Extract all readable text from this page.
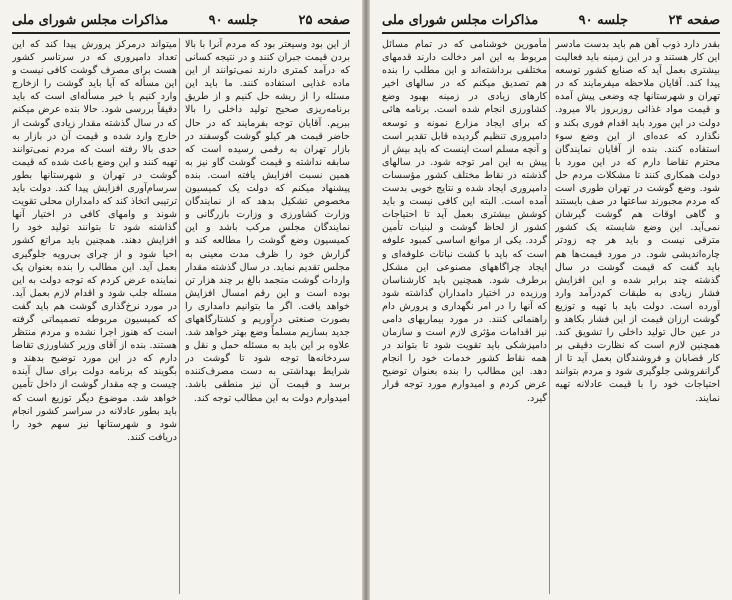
صفحه ۲۵
جلسه ۹۰
مذاکرات مجلس شورای ملی

میتواند درمرکز پرورش پیدا کند که این تعداد دامپروری که در سرتاسر کشور هست برای مصرف گوشت کافی نیست و این مسأله که آیا باید گوشت را ازخارج وارد کنیم یا خیر مسأله‌ای است که باید دقیقاً بررسی شود. حالا بنده عرض میکنم که در سال گذشته مقدار زیادی گوشت از خارج وارد شده و قیمت آن در بازار به حدی بالا رفته است که مردم نمی‌توانند تهیه کنند و این وضع باعث شده که قیمت گوشت در تهران و شهرستانها بطور سرسام‌آوری افزایش پیدا کند. دولت باید ترتیبی اتخاذ کند که دامداران محلی تقویت شوند و وامهای کافی در اختیار آنها گذاشته شود تا بتوانند تولید خود را افزایش دهند. همچنین باید مراتع کشور احیا شود و از چرای بی‌رویه جلوگیری بعمل آید. این مطالب را بنده بعنوان یک نماینده عرض کردم که توجه دولت به این مسئله جلب شود و اقدام لازم بعمل آید. در مورد نرخ‌گذاری گوشت هم باید گفت که کمیسیون مربوطه تصمیماتی گرفته است که هنوز اجرا نشده و مردم منتظر هستند. بنده از آقای وزیر کشاورزی تقاضا دارم که در این مورد توضیح بدهند و بگویند که برنامه دولت برای سال آینده چیست و چه مقدار گوشت از داخل تأمین خواهد شد. موضوع دیگر توزیع است که باید بطور عادلانه در سراسر کشور انجام شود و شهرستانها نیز سهم خود را دریافت کنند.

از این بود وسیعتر بود که مردم آنرا با بالا بردن قیمت جبران کنند و در نتیجه کسانی که درآمد کمتری دارند نمی‌توانند از این ماده غذایی استفاده کنند. ما باید این مسئله را از ریشه حل کنیم و از طریق برنامه‌ریزی صحیح تولید داخلی را بالا ببریم. آقایان توجه بفرمایند که در حال حاضر قیمت هر کیلو گوشت گوسفند در بازار تهران به رقمی رسیده است که سابقه نداشته و قیمت گوشت گاو نیز به همین نسبت افزایش یافته است. بنده پیشنهاد میکنم که دولت یک کمیسیون مخصوص تشکیل بدهد که از نمایندگان وزارت کشاورزی و وزارت بازرگانی و نمایندگان مجلس مرکب باشد و این کمیسیون وضع گوشت را مطالعه کند و گزارش خود را ظرف مدت معینی به مجلس تقدیم نماید. در سال گذشته مقدار واردات گوشت منجمد بالغ بر چند هزار تن بوده است و این رقم امسال افزایش خواهد یافت. اگر ما بتوانیم دامداری را بصورت صنعتی درآوریم و کشتارگاههای جدید بسازیم مسلماً وضع بهتر خواهد شد. علاوه بر این باید به مسئله حمل و نقل و سردخانه‌ها توجه شود تا گوشت در شرایط بهداشتی به دست مصرف‌کننده برسد و قیمت آن نیز منطقی باشد. امیدوارم دولت به این مطالب توجه کند.

صفحه ۲۴
جلسه ۹۰
مذاکرات مجلس شورای ملی

مأمورین خوشنامی که در تمام مسائل مربوط به این امر دخالت دارند قدمهای مختلفی برداشته‌اند و این مطلب را بنده هم تصدیق میکنم که در سالهای اخیر کارهای زیادی در زمینه بهبود وضع کشاورزی انجام شده است. برنامه هائی که برای ایجاد مزارع نمونه و توسعه دامپروری تنظیم گردیده قابل تقدیر است و آنچه مسلم است اینست که باید بیش از پیش به این امر توجه شود. در سالهای گذشته در نقاط مختلف کشور مؤسسات دامپروری ایجاد شده و نتایج خوبی بدست آمده است. البته این کافی نیست و باید کوشش بیشتری بعمل آید تا احتیاجات کشور از لحاظ گوشت و لبنیات تأمین گردد. یکی از موانع اساسی کمبود علوفه است که باید با کشت نباتات علوفه‌ای و ایجاد چراگاههای مصنوعی این مشکل برطرف شود. همچنین باید کارشناسان ورزیده در اختیار دامداران گذاشته شود که آنها را در امر نگهداری و پرورش دام راهنمائی کنند. در مورد بیماریهای دامی نیز اقدامات مؤثری لازم است و سازمان دامپزشکی باید تقویت شود تا بتواند در همه نقاط کشور خدمات خود را انجام دهد. این مطالب را بنده بعنوان توضیح عرض کردم و امیدوارم مورد توجه قرار گیرد.

بقدر دارد ذوب آهن هم باید بدست مادسر این کار هستند و در این زمینه باید فعالیت بیشتری بعمل آید که صنایع کشور توسعه پیدا کند. آقایان ملاحظه میفرمایند که در تهران و شهرستانها چه وضعی پیش آمده و قیمت مواد غذائی روزبروز بالا میرود. دولت در این مورد باید اقدام فوری بکند و نگذارد که عده‌ای از این وضع سوء استفاده کنند. بنده از آقایان نمایندگان محترم تقاضا دارم که در این مورد با دولت همکاری کنند تا مشکلات مردم حل شود. وضع گوشت در تهران طوری است که مردم مجبورند ساعتها در صف بایستند و گاهی اوقات هم گوشت گیرشان نمی‌آید. این وضع شایسته یک کشور مترقی نیست و باید هر چه زودتر چاره‌اندیشی شود. در مورد قیمت‌ها هم باید گفت که قیمت گوشت در سال گذشته چند برابر شده و این افزایش فشار زیادی به طبقات کم‌درآمد وارد آورده است. دولت باید با تهیه و توزیع گوشت ارزان قیمت از این فشار بکاهد و در عین حال تولید داخلی را تشویق کند. همچنین لازم است که نظارت دقیقی بر کار قصابان و فروشندگان بعمل آید تا از گرانفروشی جلوگیری شود و مردم بتوانند احتیاجات خود را با قیمت عادلانه تهیه نمایند.
